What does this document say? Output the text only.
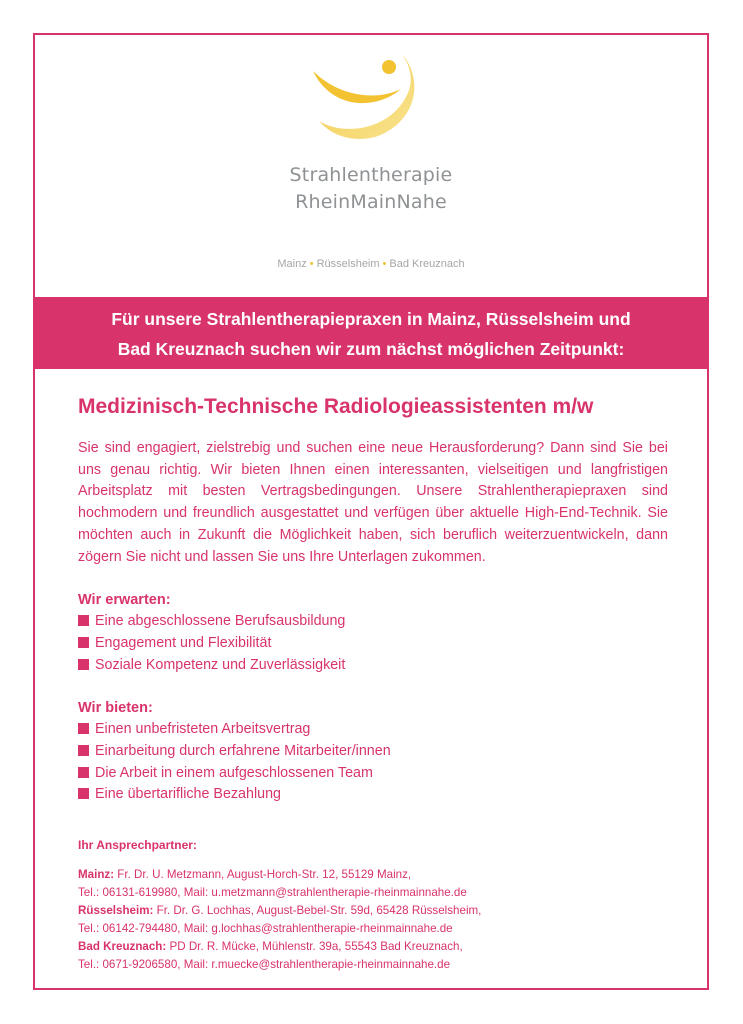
Strahlentherapie
RheinMainNahe
Mainz • Rüsselsheim • Bad Kreuznach
Für unsere Strahlentherapiepraxen in Mainz, Rüsselsheim und
Bad Kreuznach suchen wir zum nächst möglichen Zeitpunkt:
Medizinisch-Technische Radiologieassistenten m/w

Sie sind engagiert, zielstrebig und suchen eine neue Herausforderung? Dann sind Sie bei uns genau richtig. Wir bieten Ihnen einen interessanten, vielseitigen und langfristigen Arbeitsplatz mit besten Vertragsbedingungen. Unsere Strahlentherapiepraxen sind hochmodern und freundlich ausgestattet und verfügen über aktuelle High-End-Technik. Sie möchten auch in Zukunft die Möglichkeit haben, sich beruflich weiterzuentwickeln, dann zögern Sie nicht und lassen Sie uns Ihre Unterlagen zukommen.

Wir erwarten:
Eine abgeschlossene Berufsausbildung
Engagement und Flexibilität
Soziale Kompetenz und Zuverlässigkeit
Wir bieten:
Einen unbefristeten Arbeitsvertrag
Einarbeitung durch erfahrene Mitarbeiter/innen
Die Arbeit in einem aufgeschlossenen Team
Eine übertarifliche Bezahlung
Ihr Ansprechpartner:
Mainz: Fr. Dr. U. Metzmann, August-Horch-Str. 12, 55129 Mainz,
Tel.: 06131-619980, Mail: u.metzmann@strahlentherapie-rheinmainnahe.de
Rüsselsheim: Fr. Dr. G. Lochhas, August-Bebel-Str. 59d, 65428 Rüsselsheim,
Tel.: 06142-794480, Mail: g.lochhas@strahlentherapie-rheinmainnahe.de
Bad Kreuznach: PD Dr. R. Mücke, Mühlenstr. 39a, 55543 Bad Kreuznach,
Tel.: 0671-9206580, Mail: r.muecke@strahlentherapie-rheinmainnahe.de
